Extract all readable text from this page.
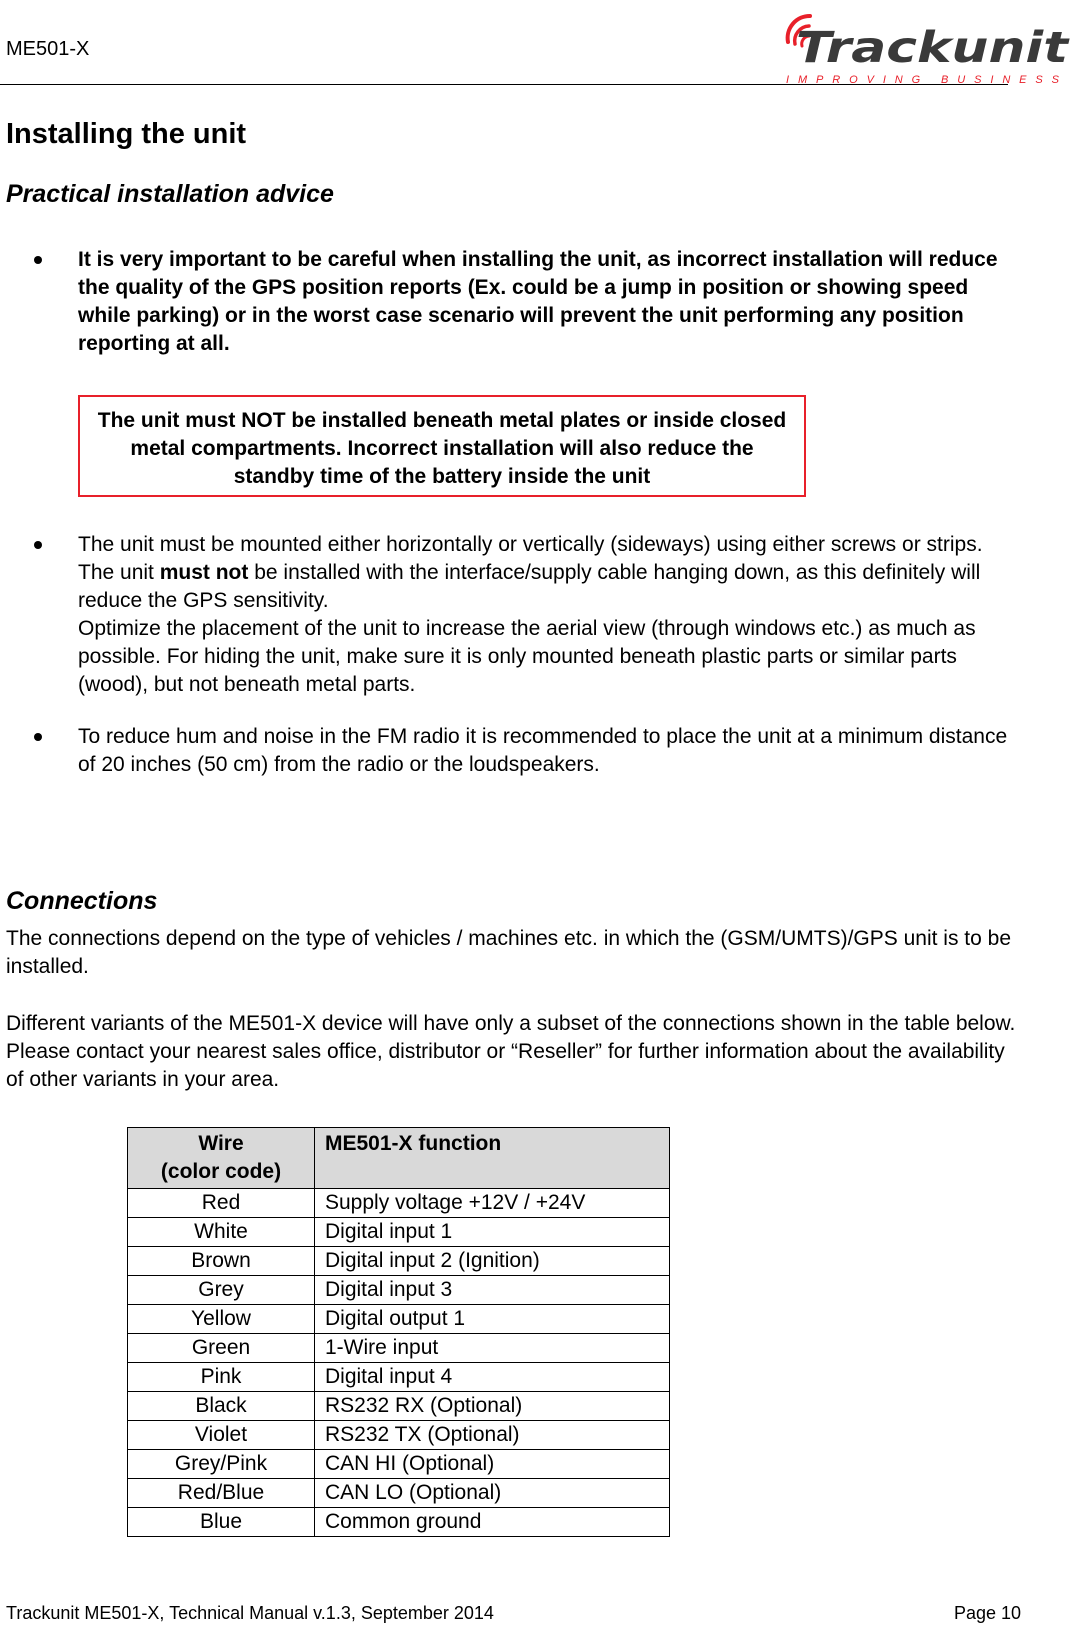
ME501-X	Trackunit
IMPROVING BUSINESS
Installing the unit
Practical installation advice
It is very important to be careful when installing the unit, as incorrect installation will reduce the quality of the GPS position reports (Ex. could be a jump in position or showing speed while parking) or in the worst case scenario will prevent the unit performing any position reporting at all.
The unit must NOT be installed beneath metal plates or inside closed metal compartments. Incorrect installation will also reduce the standby time of the battery inside the unit
The unit must be mounted either horizontally or vertically (sideways) using either screws or strips. The unit must not be installed with the interface/supply cable hanging down, as this definitely will reduce the GPS sensitivity.
Optimize the placement of the unit to increase the aerial view (through windows etc.) as much as possible. For hiding the unit, make sure it is only mounted beneath plastic parts or similar parts (wood), but not beneath metal parts.
To reduce hum and noise in the FM radio it is recommended to place the unit at a minimum distance of 20 inches (50 cm) from the radio or the loudspeakers.
Connections
The connections depend on the type of vehicles / machines etc. in which the (GSM/UMTS)/GPS unit is to be installed.
Different variants of the ME501-X device will have only a subset of the connections shown in the table below. Please contact your nearest sales office, distributor or “Reseller” for further information about the availability of other variants in your area.
Wire
(color code)	ME501-X function
Red	Supply voltage +12V / +24V
White	Digital input 1
Brown	Digital input 2 (Ignition)
Grey	Digital input 3
Yellow	Digital output 1
Green	1-Wire input
Pink	Digital input 4
Black	RS232 RX (Optional)
Violet	RS232 TX (Optional)
Grey/Pink	CAN HI (Optional)
Red/Blue	CAN LO (Optional)
Blue	Common ground
Trackunit ME501-X, Technical Manual v.1.3, September 2014	Page 10
